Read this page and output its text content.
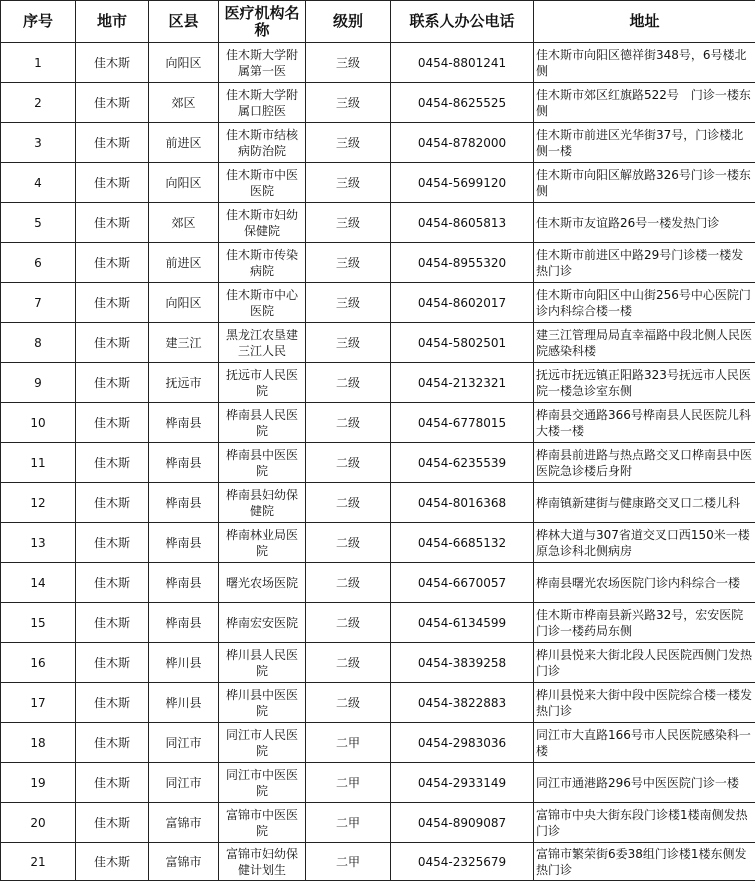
序号	地市	区县	医疗机构名称	级别	联系人办公电话	地址
1	佳木斯	向阳区	佳木斯大学附属第一医	三级	0454-8801241	佳木斯市向阳区德祥街348号，6号楼北侧
2	佳木斯	郊区	佳木斯大学附属口腔医	三级	0454-8625525	佳木斯市郊区红旗路522号　门诊一楼东侧
3	佳木斯	前进区	佳木斯市结核病防治院	三级	0454-8782000	佳木斯市前进区光华街37号，门诊楼北侧一楼
4	佳木斯	向阳区	佳木斯市中医医院	三级	0454-5699120	佳木斯市向阳区解放路326号门诊一楼东侧
5	佳木斯	郊区	佳木斯市妇幼保健院	三级	0454-8605813	佳木斯市友谊路26号一楼发热门诊
6	佳木斯	前进区	佳木斯市传染病院	三级	0454-8955320	佳木斯市前进区中路29号门诊楼一楼发热门诊
7	佳木斯	向阳区	佳木斯市中心医院	三级	0454-8602017	佳木斯市向阳区中山街256号中心医院门诊内科综合楼一楼
8	佳木斯	建三江	黑龙江农垦建三江人民	三级	0454-5802501	建三江管理局局直幸福路中段北侧人民医院感染科楼
9	佳木斯	抚远市	抚远市人民医院	二级	0454-2132321	抚远市抚远镇正阳路323号抚远市人民医院一楼急诊室东侧
10	佳木斯	桦南县	桦南县人民医院	二级	0454-6778015	桦南县交通路366号桦南县人民医院儿科大楼一楼
11	佳木斯	桦南县	桦南县中医医院	二级	0454-6235539	桦南县前进路与热点路交叉口桦南县中医医院急诊楼后身附
12	佳木斯	桦南县	桦南县妇幼保健院	二级	0454-8016368	桦南镇新建街与健康路交叉口二楼儿科
13	佳木斯	桦南县	桦南林业局医院	二级	0454-6685132	桦林大道与307省道交叉口西150米一楼原急诊科北侧病房
14	佳木斯	桦南县	曙光农场医院	二级	0454-6670057	桦南县曙光农场医院门诊内科综合一楼
15	佳木斯	桦南县	桦南宏安医院	二级	0454-6134599	佳木斯市桦南县新兴路32号，宏安医院门诊一楼药局东侧
16	佳木斯	桦川县	桦川县人民医院	二级	0454-3839258	桦川县悦来大街北段人民医院西侧门发热门诊
17	佳木斯	桦川县	桦川县中医医院	二级	0454-3822883	桦川县悦来大街中段中医院综合楼一楼发热门诊
18	佳木斯	同江市	同江市人民医院	二甲	0454-2983036	同江市大直路166号市人民医院感染科一楼
19	佳木斯	同江市	同江市中医医院	二甲	0454-2933149	同江市通港路296号中医医院门诊一楼
20	佳木斯	富锦市	富锦市中医医院	二甲	0454-8909087	富锦市中央大街东段门诊楼1楼南侧发热门诊
21	佳木斯	富锦市	富锦市妇幼保健计划生	二甲	0454-2325679	富锦市繁荣街6委38组门诊楼1楼东侧发热门诊
